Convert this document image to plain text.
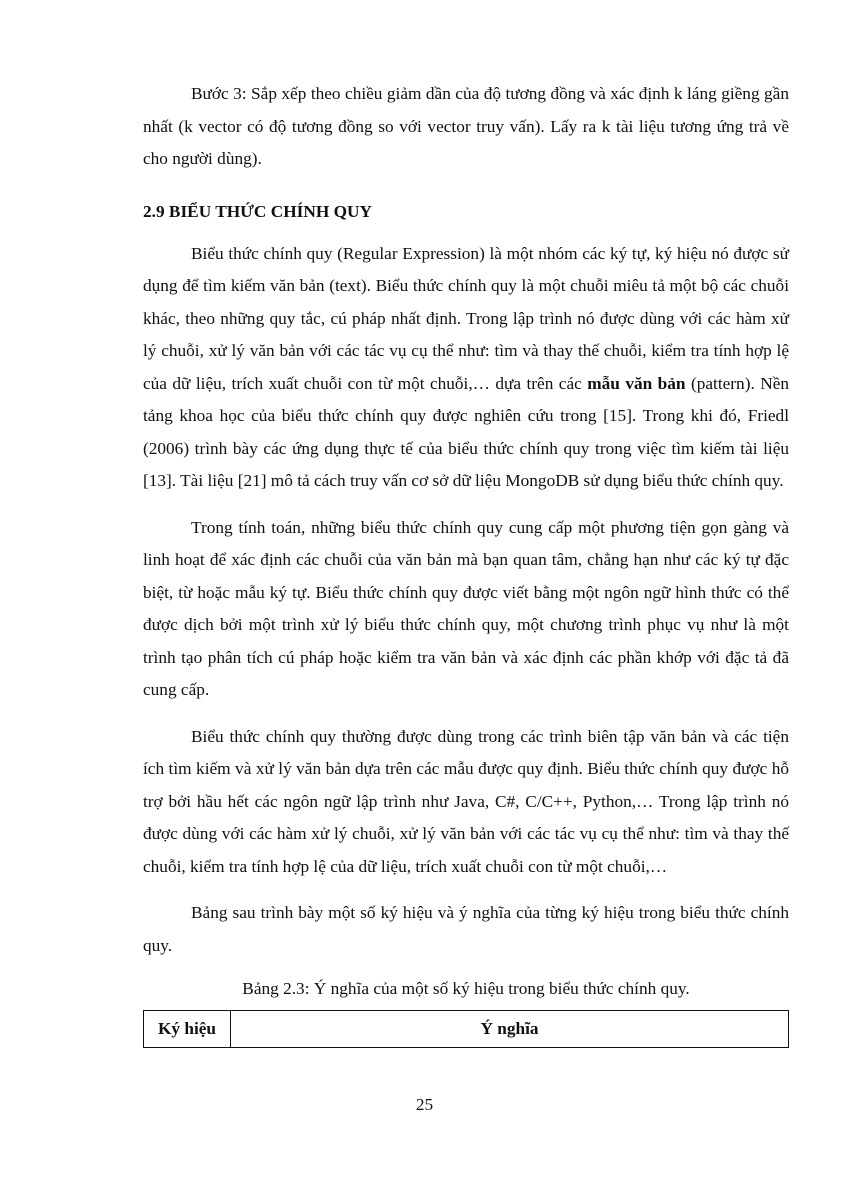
Bước 3: Sắp xếp theo chiều giảm dần của độ tương đồng và xác định k láng giềng gần nhất (k vector có độ tương đồng so với vector truy vấn). Lấy ra k tài liệu tương ứng trả về cho người dùng).

2.9 BIỂU THỨC CHÍNH QUY

Biểu thức chính quy (Regular Expression) là một nhóm các ký tự, ký hiệu nó được sử dụng để tìm kiếm văn bản (text). Biểu thức chính quy là một chuỗi miêu tả một bộ các chuỗi khác, theo những quy tắc, cú pháp nhất định. Trong lập trình nó được dùng với các hàm xử lý chuỗi, xử lý văn bản với các tác vụ cụ thể như: tìm và thay thế chuỗi, kiểm tra tính hợp lệ của dữ liệu, trích xuất chuỗi con từ một chuỗi,… dựa trên các mẫu văn bản (pattern). Nền tảng khoa học của biểu thức chính quy được nghiên cứu trong [15]. Trong khi đó, Friedl (2006) trình bày các ứng dụng thực tế của biểu thức chính quy trong việc tìm kiếm tài liệu [13]. Tài liệu [21] mô tả cách truy vấn cơ sở dữ liệu MongoDB sử dụng biểu thức chính quy.

Trong tính toán, những biểu thức chính quy cung cấp một phương tiện gọn gàng và linh hoạt để xác định các chuỗi của văn bản mà bạn quan tâm, chẳng hạn như các ký tự đặc biệt, từ hoặc mẫu ký tự. Biểu thức chính quy được viết bằng một ngôn ngữ hình thức có thể được dịch bởi một trình xử lý biểu thức chính quy, một chương trình phục vụ như là một trình tạo phân tích cú pháp hoặc kiểm tra văn bản và xác định các phần khớp với đặc tả đã cung cấp.

Biểu thức chính quy thường được dùng trong các trình biên tập văn bản và các tiện ích tìm kiếm và xử lý văn bản dựa trên các mẫu được quy định. Biểu thức chính quy được hỗ trợ bởi hầu hết các ngôn ngữ lập trình như Java, C#, C/C++, Python,… Trong lập trình nó được dùng với các hàm xử lý chuỗi, xử lý văn bản với các tác vụ cụ thể như: tìm và thay thế chuỗi, kiểm tra tính hợp lệ của dữ liệu, trích xuất chuỗi con từ một chuỗi,…

Bảng sau trình bày một số ký hiệu và ý nghĩa của từng ký hiệu trong biểu thức chính quy.

Bảng 2.3: Ý nghĩa của một số ký hiệu trong biểu thức chính quy.
Ký hiệu	Ý nghĩa
25
